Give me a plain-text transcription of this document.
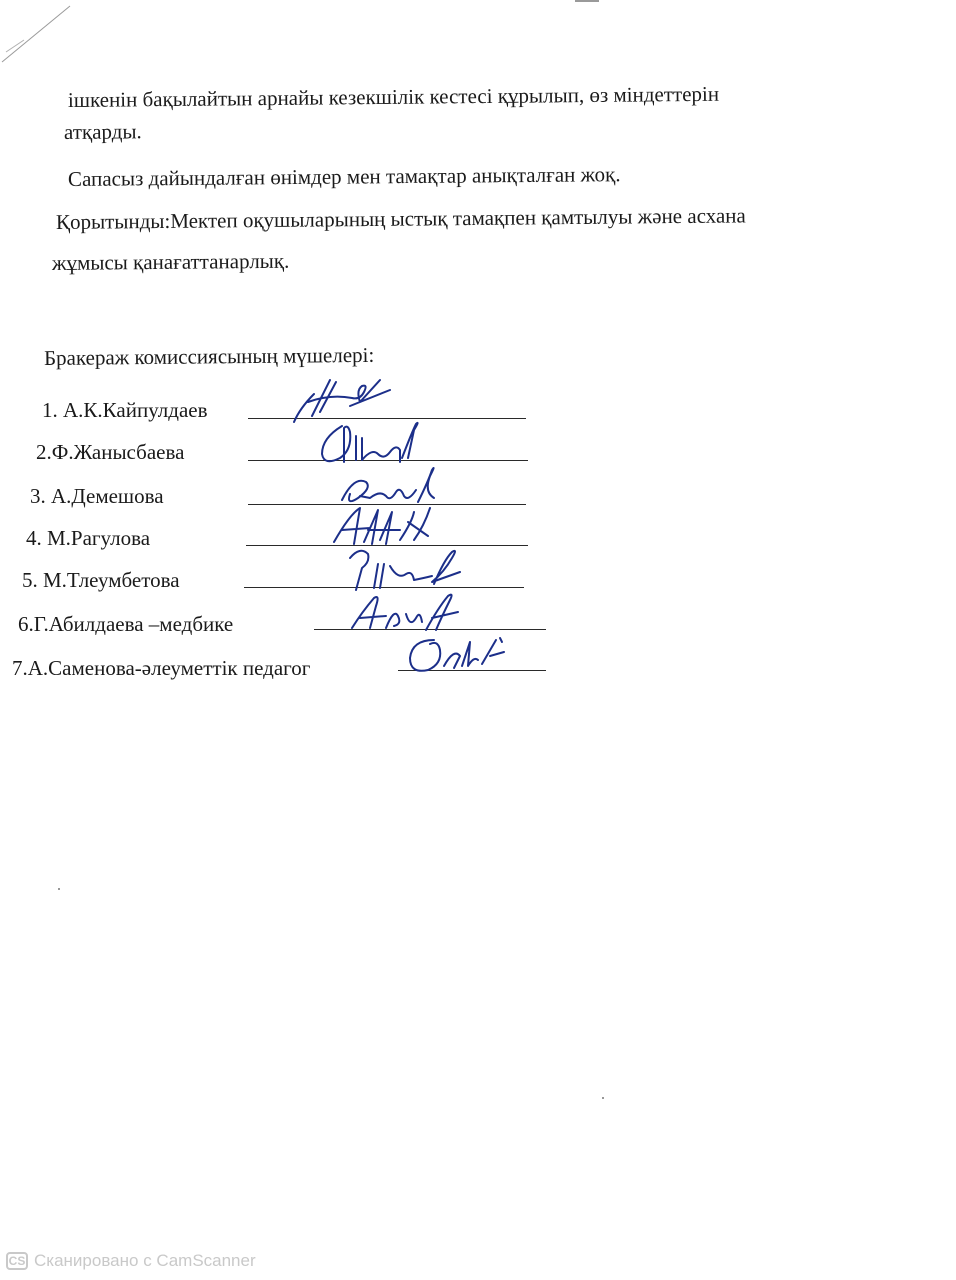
ішкенін бақылайтын арнайы кезекшілік кестесі құрылып, өз міндеттерін
атқарды.
Сапасыз дайындалған өнімдер мен тамақтар анықталған жоқ.
Қорытынды:Мектеп оқушыларының ыстық тамақпен қамтылуы және асхана
жұмысы қанағаттанарлық.
Бракераж комиссиясының мүшелері:
1. А.К.Кайпулдаев
2.Ф.Жанысбаева
3. А.Демешова
4. М.Рагулова
5. М.Тлеумбетова
6.Г.Абилдаева –медбике
7.А.Саменова-әлеуметтік педагог
CS Сканировано с CamScanner
